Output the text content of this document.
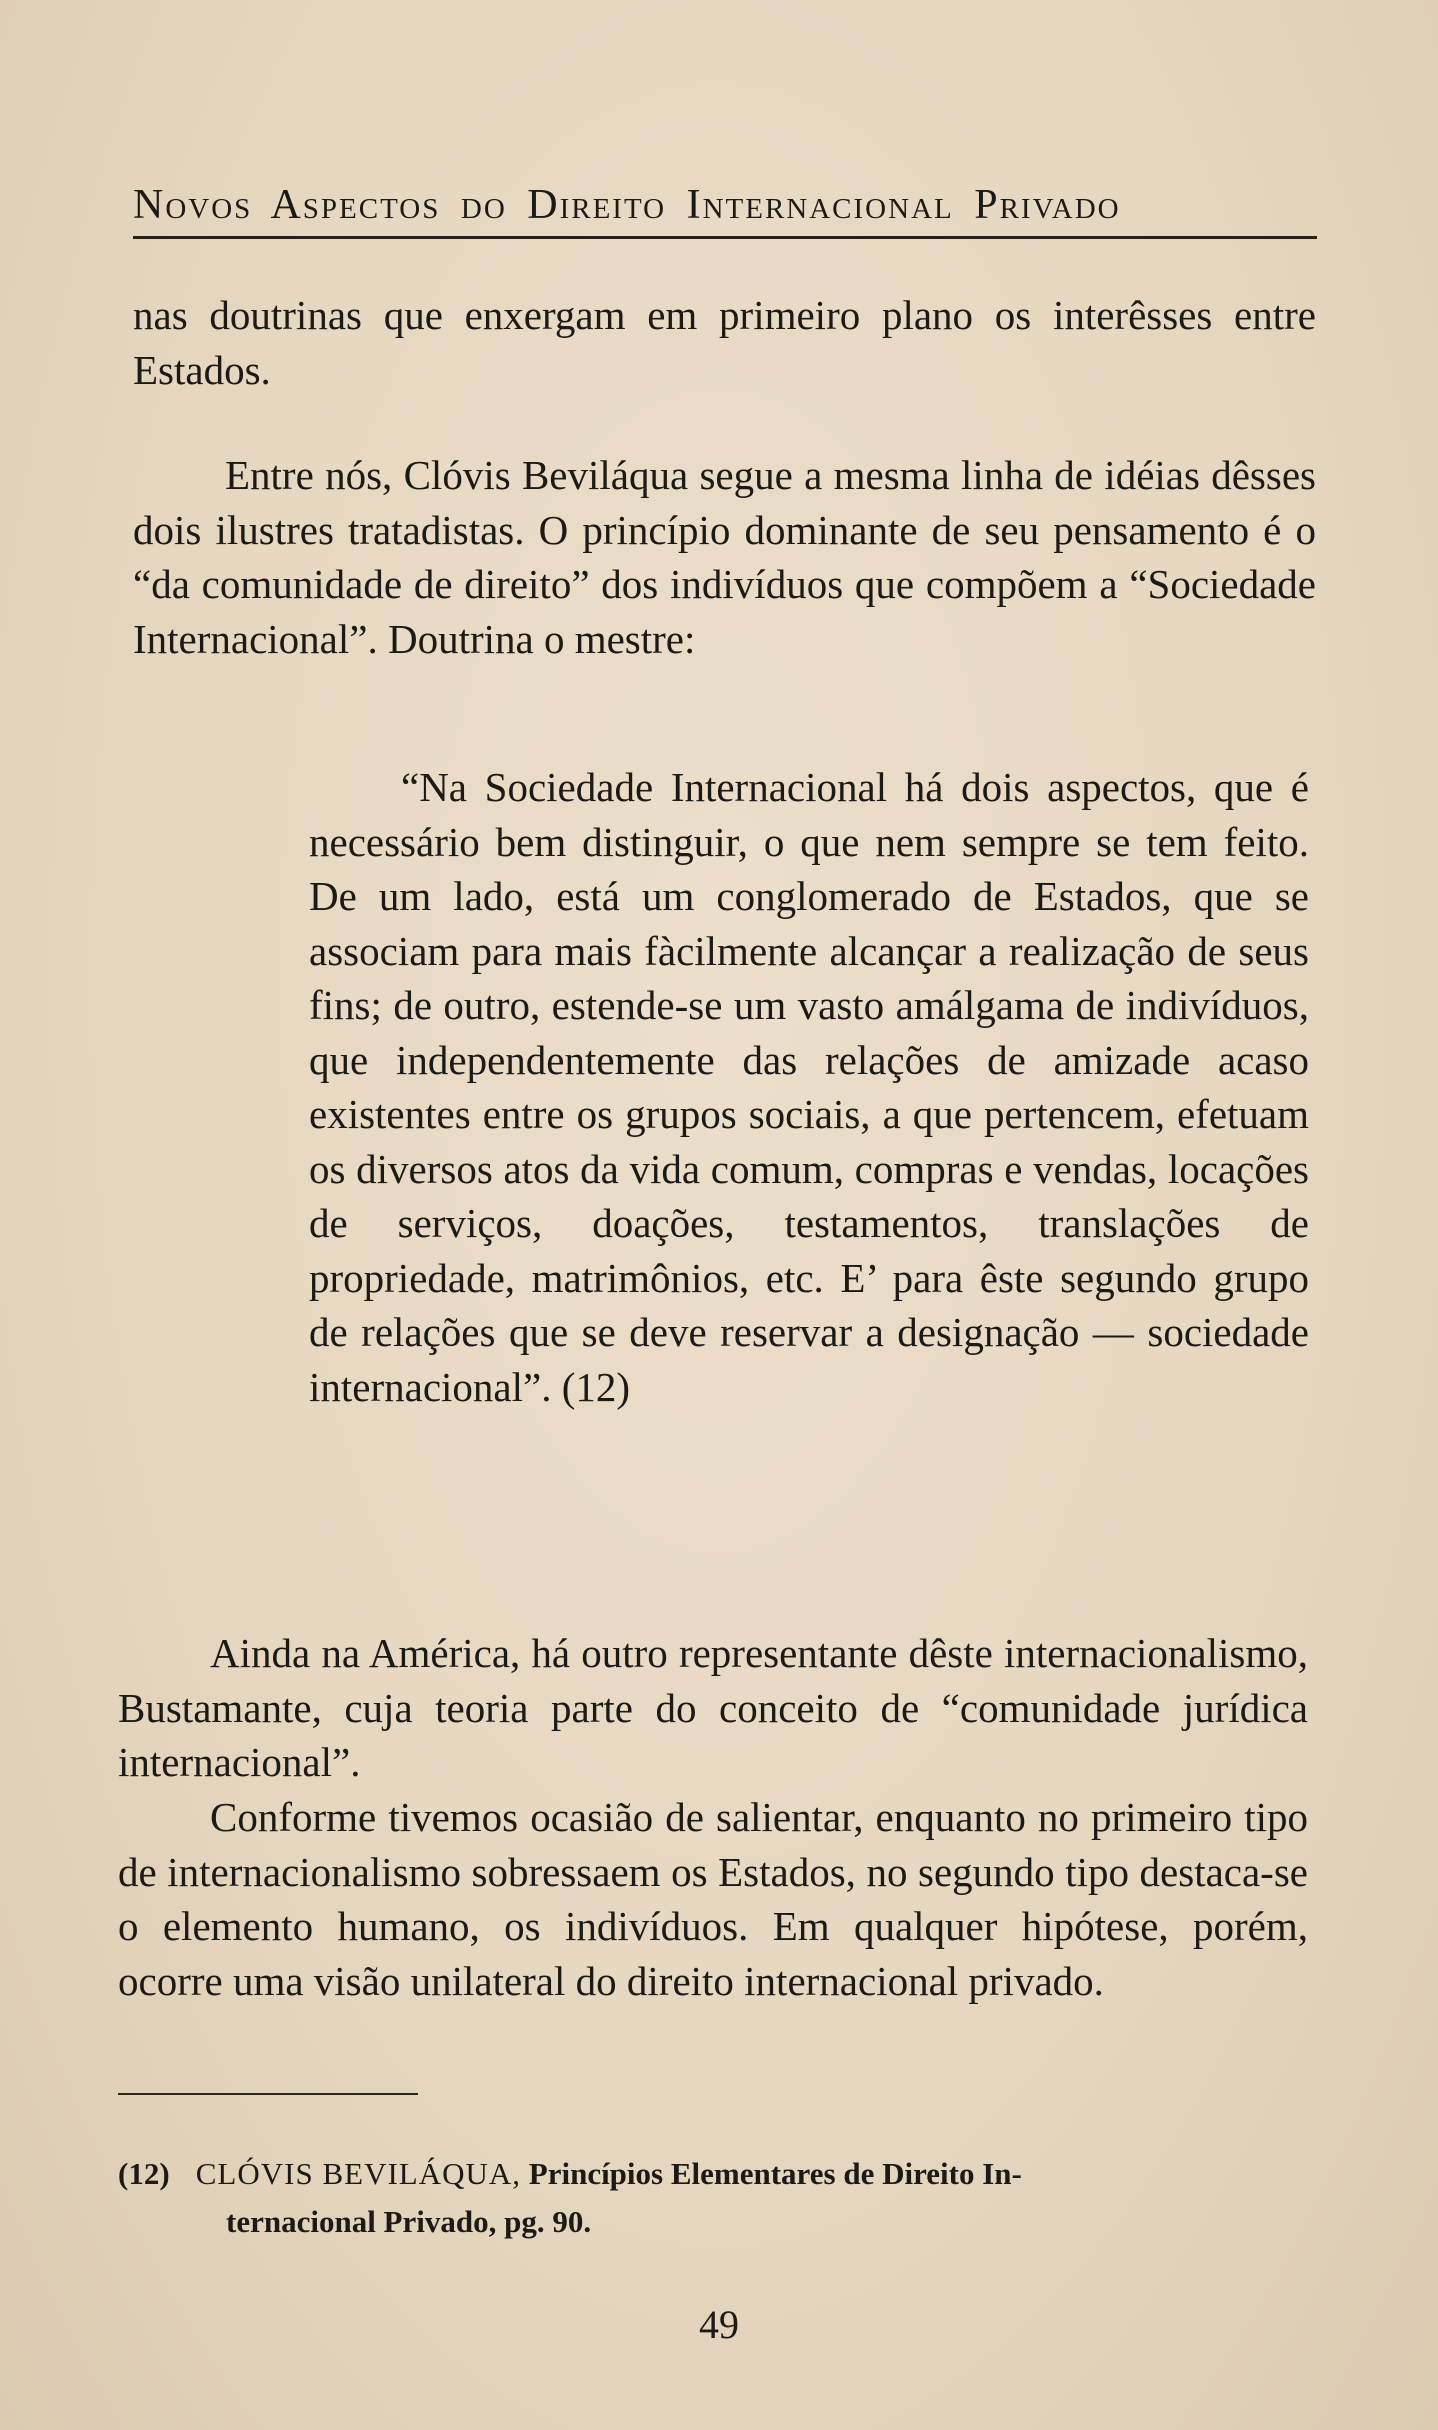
Novos Aspectos do Direito Internacional Privado

nas doutrinas que enxergam em primeiro plano os interêsses entre Estados.

Entre nós, Clóvis Beviláqua segue a mesma linha de idéias dêsses dois ilustres tratadistas. O princípio dominante de seu pensamento é o “da comunidade de direito” dos indivíduos que compõem a “Sociedade Internacional”. Doutrina o mestre:

“Na Sociedade Internacional há dois aspectos, que é necessário bem distinguir, o que nem sempre se tem feito. De um lado, está um conglomerado de Estados, que se associam para mais fàcilmente alcançar a realização de seus fins; de outro, estende-se um vasto amálgama de indivíduos, que independentemente das relações de amizade acaso existentes entre os grupos sociais, a que pertencem, efetuam os diversos atos da vida comum, compras e vendas, locações de serviços, doações, testamentos, translações de propriedade, matrimônios, etc. E’ para êste segundo grupo de relações que se deve reservar a designação — sociedade internacional”. (12)

Ainda na América, há outro representante dêste internacionalismo, Bustamante, cuja teoria parte do conceito de “comunidade jurídica internacional”.

Conforme tivemos ocasião de salientar, enquanto no primeiro tipo de internacionalismo sobressaem os Estados, no segundo tipo destaca-se o elemento humano, os indivíduos. Em qualquer hipótese, porém, ocorre uma visão unilateral do direito internacional privado.

(12) CLÓVIS BEVILÁQUA, Princípios Elementares de Direito In-
ternacional Privado, pg. 90.

49
